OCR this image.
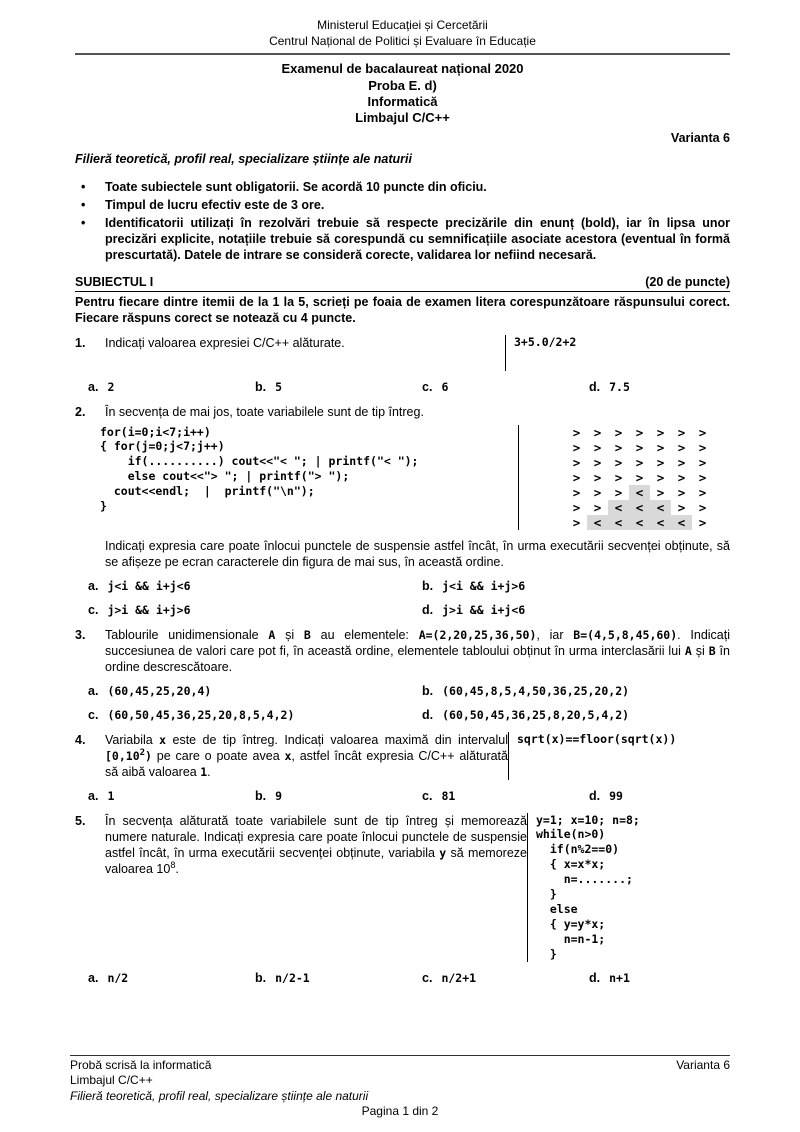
Ministerul Educației și Cercetării
Centrul Național de Politici și Evaluare în Educație
Examenul de bacalaureat național 2020
Proba E. d)
Informatică
Limbajul C/C++
Varianta 6
Filieră teoretică, profil real, specializare științe ale naturii
•	Toate subiectele sunt obligatorii. Se acordă 10 puncte din oficiu.
•	Timpul de lucru efectiv este de 3 ore.
•	Identificatorii utilizați în rezolvări trebuie să respecte precizările din enunț (bold), iar în lipsa unor precizări explicite, notațiile trebuie să corespundă cu semnificațiile asociate acestora (eventual în formă prescurtată). Datele de intrare se consideră corecte, validarea lor nefiind necesară.
SUBIECTUL I	(20 de puncte)
Pentru fiecare dintre itemii de la 1 la 5, scrieți pe foaia de examen litera corespunzătoare răspunsului corect. Fiecare răspuns corect se notează cu 4 puncte.
1.	Indicați valoarea expresiei C/C++ alăturate.	3+5.0/2+2
a. 2	b. 5	c. 6	d. 7.5
2.	În secvența de mai jos, toate variabilele sunt de tip întreg.
for(i=0;i<7;i++)
{ for(j=0;j<7;j++)
if(..........) cout<<"< "; | printf("< ");
else cout<<"> "; | printf("> ");
cout<<endl;  |  printf("\n");
}
>	>	>	>	>	>	>
>	>	>	>	>	>	>
>	>	>	>	>	>	>
>	>	>	>	>	>	>
>	>	>	<	>	>	>
>	>	<	<	<	>	>
>	<	<	<	<	<	>
Indicați expresia care poate înlocui punctele de suspensie astfel încât, în urma executării secvenței obținute, să se afișeze pe ecran caracterele din figura de mai sus, în această ordine.
a. j<i && i+j<6	b. j<i && i+j>6
c. j>i && i+j>6	d. j>i && i+j<6
3.	Tablourile unidimensionale A și B au elementele: A=(2,20,25,36,50), iar B=(4,5,8,45,60). Indicați succesiunea de valori care pot fi, în această ordine, elementele tabloului obținut în urma interclasării lui A și B în ordine descrescătoare.
a. (60,45,25,20,4)	b. (60,45,8,5,4,50,36,25,20,2)
c. (60,50,45,36,25,20,8,5,4,2)	d. (60,50,45,36,25,8,20,5,4,2)
4.	Variabila x este de tip întreg. Indicați valoarea maximă din intervalul [0,10$^2$) pe care o poate avea x, astfel încât expresia C/C++ alăturată să aibă valoarea 1.
sqrt(x)==floor(sqrt(x))
a. 1	b. 9	c. 81	d. 99
5.	În secvența alăturată toate variabilele sunt de tip întreg și memorează numere naturale. Indicați expresia care poate înlocui punctele de suspensie astfel încât, în urma executării secvenței obținute, variabila y să memoreze valoarea $10^8$.
y=1; x=10; n=8;
while(n>0)
if(n%2==0)
{ x=x*x;
n=.......;
}
else
{ y=y*x;
n=n-1;
}
a. n/2	b. n/2-1	c. n/2+1	d. n+1
Probă scrisă la informatică	Varianta 6
Limbajul C/C++
Filieră teoretică, profil real, specializare științe ale naturii
Pagina 1 din 2
